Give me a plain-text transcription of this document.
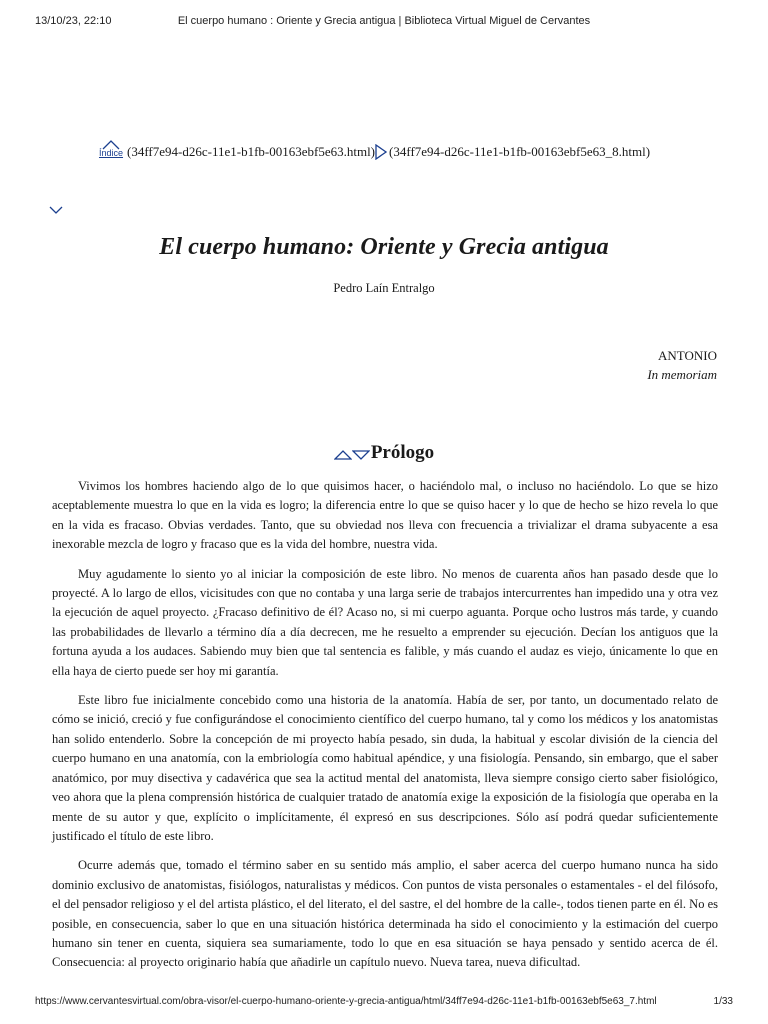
13/10/23, 22:10	El cuerpo humano : Oriente y Grecia antigua | Biblioteca Virtual Miguel de Cervantes
Índice (34ff7e94-d26c-11e1-b1fb-00163ebf5e63.html) (34ff7e94-d26c-11e1-b1fb-00163ebf5e63_8.html)
El cuerpo humano: Oriente y Grecia antigua
Pedro Laín Entralgo
ANTONIO
In memoriam
Prólogo

Vivimos los hombres haciendo algo de lo que quisimos hacer, o haciéndolo mal, o incluso no haciéndolo. Lo que se hizo aceptablemente muestra lo que en la vida es logro; la diferencia entre lo que se quiso hacer y lo que de hecho se hizo revela lo que en la vida es fracaso. Obvias verdades. Tanto, que su obviedad nos lleva con frecuencia a trivializar el drama subyacente a esa inexorable mezcla de logro y fracaso que es la vida del hombre, nuestra vida.

Muy agudamente lo siento yo al iniciar la composición de este libro. No menos de cuarenta años han pasado desde que lo proyecté. A lo largo de ellos, vicisitudes con que no contaba y una larga serie de trabajos intercurrentes han impedido una y otra vez la ejecución de aquel proyecto. ¿Fracaso definitivo de él? Acaso no, si mi cuerpo aguanta. Porque ocho lustros más tarde, y cuando las probabilidades de llevarlo a término día a día decrecen, me he resuelto a emprender su ejecución. Decían los antiguos que la fortuna ayuda a los audaces. Sabiendo muy bien que tal sentencia es falible, y más cuando el audaz es viejo, únicamente lo que en ella haya de cierto puede ser hoy mi garantía.

Este libro fue inicialmente concebido como una historia de la anatomía. Había de ser, por tanto, un documentado relato de cómo se inició, creció y fue configurándose el conocimiento científico del cuerpo humano, tal y como los médicos y los anatomistas han solido entenderlo. Sobre la concepción de mi proyecto había pesado, sin duda, la habitual y escolar división de la ciencia del cuerpo humano en una anatomía, con la embriología como habitual apéndice, y una fisiología. Pensando, sin embargo, que el saber anatómico, por muy disectiva y cadavérica que sea la actitud mental del anatomista, lleva siempre consigo cierto saber fisiológico, veo ahora que la plena comprensión histórica de cualquier tratado de anatomía exige la exposición de la fisiología que operaba en la mente de su autor y que, explícito o implícitamente, él expresó en sus descripciones. Sólo así podrá quedar suficientemente justificado el título de este libro.

Ocurre además que, tomado el término saber en su sentido más amplio, el saber acerca del cuerpo humano nunca ha sido dominio exclusivo de anatomistas, fisiólogos, naturalistas y médicos. Con puntos de vista personales o estamentales - el del filósofo, el del pensador religioso y el del artista plástico, el del literato, el del sastre, el del hombre de la calle-, todos tienen parte en él. No es posible, en consecuencia, saber lo que en una situación histórica determinada ha sido el conocimiento y la estimación del cuerpo humano sin tener en cuenta, siquiera sea sumariamente, todo lo que en esa situación se haya pensado y sentido acerca de él. Consecuencia: al proyecto originario había que añadirle un capítulo nuevo. Nueva tarea, nueva dificultad.

https://www.cervantesvirtual.com/obra-visor/el-cuerpo-humano-oriente-y-grecia-antigua/html/34ff7e94-d26c-11e1-b1fb-00163ebf5e63_7.html	1/33
